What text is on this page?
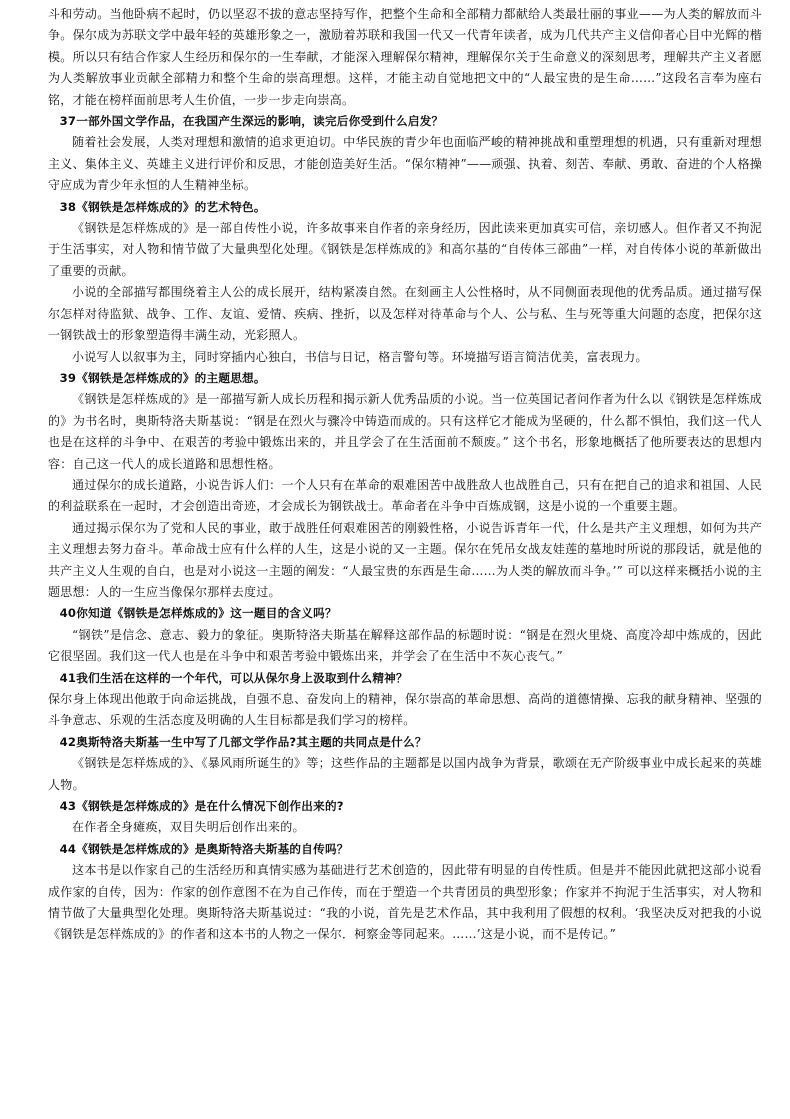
斗和劳动。当他卧病不起时，仍以坚忍不拔的意志坚持写作，把整个生命和全部精力都献给人类最壮丽的事业——为人类的解放而斗争。保尔成为苏联文学中最年轻的英雄形象之一，激励着苏联和我国一代又一代青年读者，成为几代共产主义信仰者心目中光辉的楷模。所以只有结合作家人生经历和保尔的一生奉献，才能深入理解保尔精神，理解保尔关于生命意义的深刻思考，理解共产主义者愿为人类解放事业贡献全部精力和整个生命的崇高理想。这样，才能主动自觉地把文中的“人最宝贵的是生命……”这段名言奉为座右铭，才能在榜样面前思考人生价值，一步一步走向崇高。

37一部外国文学作品，在我国产生深远的影响，读完后你受到什么启发？

随着社会发展，人类对理想和激情的追求更迫切。中华民族的青少年也面临严峻的精神挑战和重塑理想的机遇，只有重新对理想主义、集体主义、英雄主义进行评价和反思，才能创造美好生活。“保尔精神”——顽强、执着、刻苦、奉献、勇敢、奋进的个人格操守应成为青少年永恒的人生精神坐标。

38《钢铁是怎样炼成的》的艺术特色。

《钢铁是怎样炼成的》是一部自传性小说，许多故事来自作者的亲身经历，因此读来更加真实可信，亲切感人。但作者又不拘泥于生活事实，对人物和情节做了大量典型化处理。《钢铁是怎样炼成的》和高尔基的“自传体三部曲”一样，对自传体小说的革新做出了重要的贡献。

小说的全部描写都围绕着主人公的成长展开，结构紧凑自然。在刻画主人公性格时，从不同侧面表现他的优秀品质。通过描写保尔怎样对待监狱、战争、工作、友谊、爱情、疾病、挫折，以及怎样对待革命与个人、公与私、生与死等重大问题的态度，把保尔这一钢铁战士的形象塑造得丰满生动，光彩照人。

小说写人以叙事为主，同时穿插内心独白，书信与日记，格言警句等。环境描写语言简洁优美，富表现力。

39《钢铁是怎样炼成的》的主题思想。

《钢铁是怎样炼成的》是一部描写新人成长历程和揭示新人优秀品质的小说。当一位英国记者问作者为什么以《钢铁是怎样炼成的》为书名时，奥斯特洛夫斯基说：“钢是在烈火与骤冷中铸造而成的。只有这样它才能成为坚硬的，什么都不惧怕，我们这一代人也是在这样的斗争中、在艰苦的考验中锻炼出来的，并且学会了在生活面前不颓废。” 这个书名，形象地概括了他所要表达的思想内容：自己这一代人的成长道路和思想性格。

通过保尔的成长道路，小说告诉人们：一个人只有在革命的艰难困苦中战胜敌人也战胜自己，只有在把自己的追求和祖国、人民的利益联系在一起时，才会创造出奇迹，才会成长为钢铁战士。革命者在斗争中百炼成钢，这是小说的一个重要主题。

通过揭示保尔为了党和人民的事业，敢于战胜任何艰难困苦的刚毅性格，小说告诉青年一代，什么是共产主义理想，如何为共产主义理想去努力奋斗。革命战士应有什么样的人生，这是小说的又一主题。保尔在凭吊女战友娃莲的墓地时所说的那段话，就是他的共产主义人生观的自白，也是对小说这一主题的阐发：“人最宝贵的东西是生命……为人类的解放而斗争。’” 可以这样来概括小说的主题思想：人的一生应当像保尔那样去度过。

40你知道《钢铁是怎样炼成的》这一题目的含义吗？

“钢铁”是信念、意志、毅力的象征。奥斯特洛夫斯基在解释这部作品的标题时说：“钢是在烈火里烧、高度冷却中炼成的，因此它很坚固。我们这一代人也是在斗争中和艰苦考验中锻炼出来，并学会了在生活中不灰心丧气。”

41我们生活在这样的一个年代，可以从保尔身上汲取到什么精神？

保尔身上体现出他敢于向命运挑战，自强不息、奋发向上的精神，保尔崇高的革命思想、高尚的道德情操、忘我的献身精神、坚强的斗争意志、乐观的生活态度及明确的人生目标都是我们学习的榜样。

42奥斯特洛夫斯基一生中写了几部文学作品?其主题的共同点是什么？

《钢铁是怎样炼成的》、《暴风雨所诞生的》等；这些作品的主题都是以国内战争为背景，歌颂在无产阶级事业中成长起来的英雄人物。

43《钢铁是怎样炼成的》是在什么情况下创作出来的?

在作者全身瘫痪，双目失明后创作出来的。

44《钢铁是怎样炼成的》是奥斯特洛夫斯基的自传吗？

这本书是以作家自己的生活经历和真情实感为基础进行艺术创造的，因此带有明显的自传性质。但是并不能因此就把这部小说看成作家的自传，因为：作家的创作意图不在为自己作传，而在于塑造一个共青团员的典型形象；作家并不拘泥于生活事实，对人物和情节做了大量典型化处理。奥斯特洛夫斯基说过：“我的小说，首先是艺术作品，其中我利用了假想的权利。‘我坚决反对把我的小说《钢铁是怎样炼成的》的作者和这本书的人物之一保尔．柯察金等同起来。……’这是小说，而不是传记。”
